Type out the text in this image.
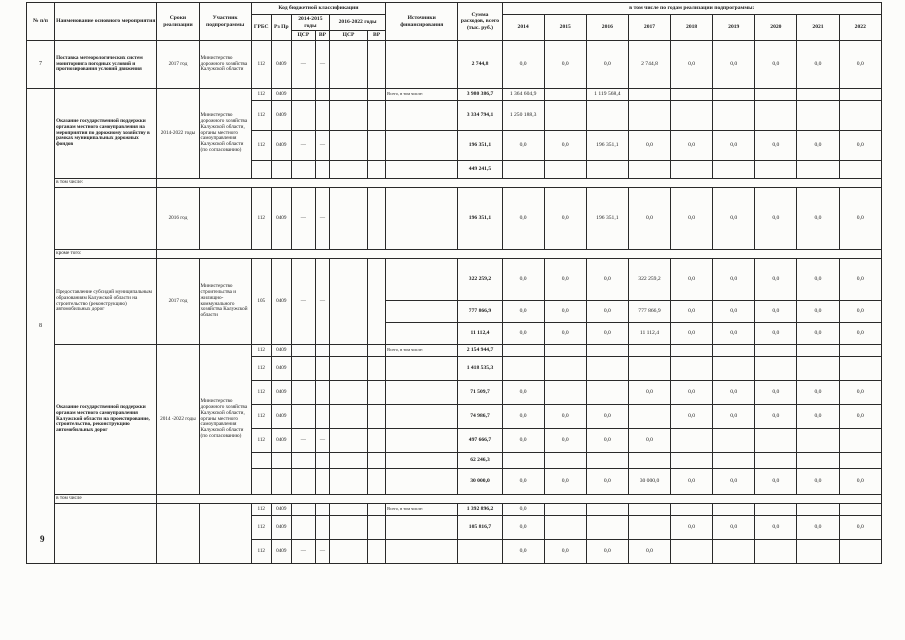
№ п/п	Наименование основного мероприятия	Сроки реализации	Участник подпрограммы	Код бюджетной классификации						Источники финансирования	Сумма расходов, всего (тыс. руб.)	в том числе по годам реализации подпрограммы:								
				ГРБС	Рз Пр	2014-2015 годы		2016-2022 годы				2014	2015	2016	2017	2018	2019	2020	2021	2022
						ЦСР	ВР	ЦСР	ВР											
7	Поставка метеорологических систем мониторинга погодных условий и прогнозирования условий движения	2017 год	Министерство дорожного хозяйства Калужской области	112	0409	—	—				2 744,8	0,0	0,0	0,0	2 744,8	0,0	0,0	0,0	0,0	0,0
8	Оказание государственной поддержки органам местного самоуправления на мероприятия по дорожному хозяйству в рамках муниципальных дорожных фондов	2014-2022 годы	Министерство дорожного хозяйства Калужской области, органы местного самоуправления Калужской области (по согласованию)	112	0409					Всего, в том числе:	3 980 386,7	1 364 604,9		1 119 568,4						
				112	0409						3 334 794,1	1 250 188,3								
				112	0409	—	—				196 351,1	0,0	0,0	196 351,1	0,0	0,0	0,0	0,0	0,0	0,0
											449 241,5									
	в том числе:																			
		2016 год		112	0409	—	—				196 351,1	0,0	0,0	196 351,1	0,0	0,0	0,0	0,0	0,0	0,0
	кроме того:																			
	Предоставление субсидий муниципальным образованиям Калужской области на строительство (реконструкцию) автомобильных дорог	2017 год	Министерство строительства и жилищно-коммунального хозяйства Калужской области	105	0409	—	—				322 259,2	0,0	0,0	0,0	322 259,2	0,0	0,0	0,0	0,0	0,0
											777 866,9	0,0	0,0	0,0	777 866,9	0,0	0,0	0,0	0,0	0,0
											11 112,4	0,0	0,0	0,0	11 112,4	0,0	0,0	0,0	0,0	0,0
	Оказание государственной поддержки органам местного самоуправления Калужской области на проектирование, строительство, реконструкцию автомобильных дорог	2014 -2022 годы	Министерство дорожного хозяйства Калужской области, органы местного самоуправления Калужской области (по согласованию)	112	0409					Всего, в том числе:	2 154 944,7									
				112	0409						1 418 535,3									
				112	0409						71 509,7	0,0			0,0	0,0	0,0	0,0	0,0	0,0
				112	0409						74 986,7	0,0	0,0	0,0		0,0	0,0	0,0	0,0	0,0
				112	0409	—	—				497 666,7	0,0	0,0	0,0	0,0					
											62 246,3									
											30 000,0	0,0	0,0	0,0	30 000,0	0,0	0,0	0,0	0,0	0,0
	в том числе																			
				112	0409					Всего, в том числе:	1 392 896,2	0,0								
				112	0409						105 816,7	0,0				0,0	0,0	0,0	0,0	0,0
				112	0409	—	—					0,0	0,0	0,0	0,0					
9
